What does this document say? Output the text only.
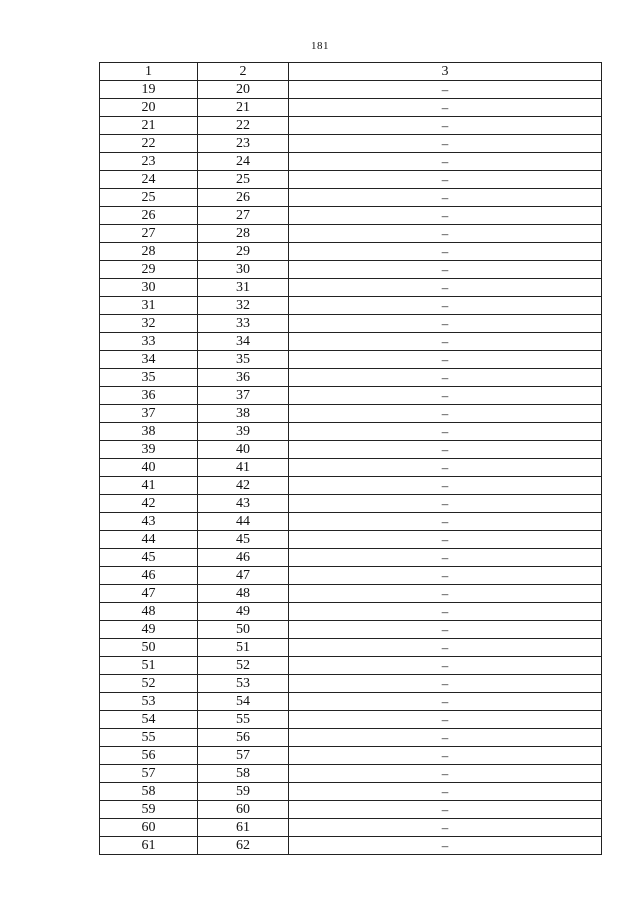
181
1	2	3
19	20	–
20	21	–
21	22	–
22	23	–
23	24	–
24	25	–
25	26	–
26	27	–
27	28	–
28	29	–
29	30	–
30	31	–
31	32	–
32	33	–
33	34	–
34	35	–
35	36	–
36	37	–
37	38	–
38	39	–
39	40	–
40	41	–
41	42	–
42	43	–
43	44	–
44	45	–
45	46	–
46	47	–
47	48	–
48	49	–
49	50	–
50	51	–
51	52	–
52	53	–
53	54	–
54	55	–
55	56	–
56	57	–
57	58	–
58	59	–
59	60	–
60	61	–
61	62	–
